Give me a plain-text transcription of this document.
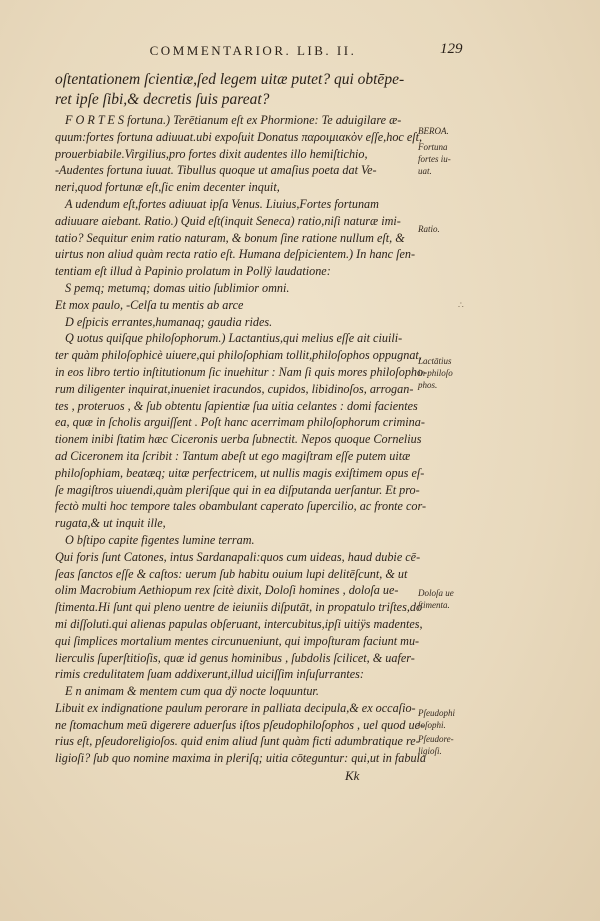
COMMENTARIOR. LIB. II.	129
oſtentationem ſcientiæ,ſed legem uitæ putet? qui obtēpe-
ret ipſe ſibi,& decretis ſuis pareat?
F O R T E S fortuna.) Terētianum eſt ex Phormione: Te aduigilare æ-
quum:fortes fortuna adiuuat.ubi expoſuit Donatus παροιμιακὸν eſſe,hoc eſt,
prouerbiabile.Virgilius,pro fortes dixit audentes illo hemiſtichio,
-Audentes fortuna iuuat. Tibullus quoque ut amaſius poeta dat Ve-
neri,quod fortunæ eſt,ſic enim decenter inquit,
A udendum eſt,fortes adiuuat ipſa Venus. Liuius,Fortes fortunam
adiuuare aiebant. Ratio.) Quid eſt(inquit Seneca) ratio,niſi naturæ imi-
tatio? Sequitur enim ratio naturam, & bonum ſine ratione nullum eſt, &
uirtus non aliud quàm recta ratio eſt. Humana deſpicientem.) In hanc ſen-
tentiam eſt illud à Papinio prolatum in Pollÿ laudatione:
S pemq; metumq; domas uitio ſublimior omni.
Et mox paulo, -Celſa tu mentis ab arce
D eſpicis errantes,humanaq; gaudia rides.
Q uotus quiſque philoſophorum.) Lactantius,qui melius eſſe ait ciuili-
ter quàm philoſophicè uiuere,qui philoſophiam tollit,philoſophos oppugnat,
in eos libro tertio inſtitutionum ſic inuehitur : Nam ſi quis mores philoſopho-
rum diligenter inquirat,inueniet iracundos, cupidos, libidinoſos, arrogan-
tes , proteruos , & ſub obtentu ſapientiæ ſua uitia celantes : domi facientes
ea, quæ in ſcholis arguiſſent . Poſt hanc acerrimam philoſophorum crimina-
tionem inibi ſtatim hæc Ciceronis uerba ſubnectit. Nepos quoque Cornelius
ad Ciceronem ita ſcribit : Tantum abeſt ut ego magiſtram eſſe putem uitæ
philoſophiam, beatæq; uitæ perfectricem, ut nullis magis exiſtimem opus eſ-
ſe magiſtros uiuendi,quàm pleriſque qui in ea diſputanda uerſantur. Et pro-
fectò multi hoc tempore tales obambulant caperato ſupercilio, ac fronte cor-
rugata,& ut inquit ille,
O bſtipo capite figentes lumine terram.
Qui foris ſunt Catones, intus Sardanapali:quos cum uideas, haud dubie cē-
ſeas ſanctos eſſe & caſtos: uerum ſub habitu ouium lupi delitēſcunt, & ut
olim Macrobium Aethiopum rex ſcitè dixit, Doloſi homines , doloſa ue-
ſtimenta.Hi ſunt qui pleno uentre de ieiuniis diſputāt, in propatulo triſtes,do
mi diſſoluti.qui alienas papulas obſeruant, intercubitus,ipſi uitiÿs madentes,
qui ſimplices mortalium mentes circunueniunt, qui impoſturam faciunt mu-
lierculis ſuperſtitioſis, quæ id genus hominibus , ſubdolis ſcilicet, & uafer-
rimis credulitatem ſuam addixerunt,illud uiciſſim inſuſurrantes:
E n animam & mentem cum qua dÿ nocte loquuntur.
Libuit ex indignatione paulum perorare in palliata decipula,& ex occaſio-
ne ſtomachum meū digerere aduerſus iſtos pſeudophiloſophos , uel quod ue-
rius eſt, pſeudoreligioſos. quid enim aliud ſunt quàm ficti adumbratique re-
ligioſi? ſub quo nomine maxima in pleriſq; uitia cōteguntur: qui,ut in fabula
BEROA.
Fortuna
fortes iu-
uat.
Ratio.
Lactātius
in philoſo
phos.
Doloſa ue
ſtimenta.
Pſeudophi
loſophi.
Pſeudore-
ligioſi.
∴
Kk
